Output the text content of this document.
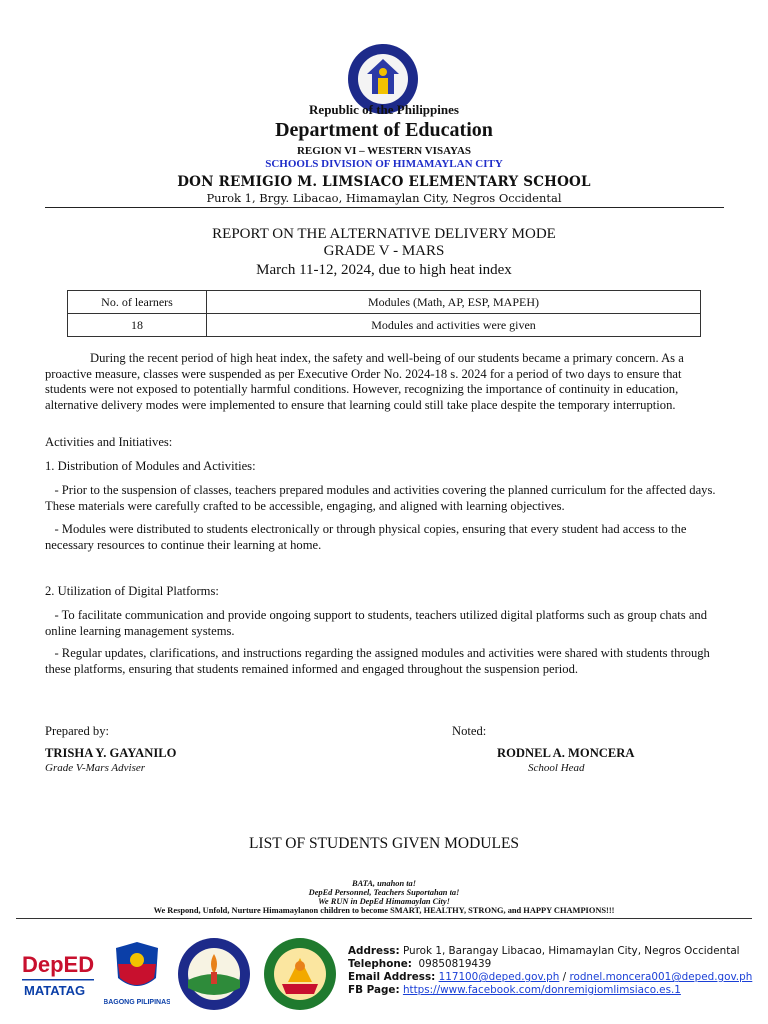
Republic of the Philippines
Department of Education
REGION VI – WESTERN VISAYAS
SCHOOLS DIVISION OF HIMAMAYLAN CITY
DON REMIGIO M. LIMSIACO ELEMENTARY SCHOOL
Purok 1, Brgy. Libacao, Himamaylan City, Negros Occidental
REPORT ON THE ALTERNATIVE DELIVERY MODE
GRADE V - MARS
March 11-12, 2024, due to high heat index
No. of learners	Modules (Math, AP, ESP, MAPEH)
18	Modules and activities were given
During the recent period of high heat index, the safety and well-being of our students became a primary concern. As a proactive measure, classes were suspended as per Executive Order No. 2024-18 s. 2024 for a period of two days to ensure that students were not exposed to potentially harmful conditions. However, recognizing the importance of continuity in education, alternative delivery modes were implemented to ensure that learning could still take place despite the temporary interruption.
Activities and Initiatives:
1. Distribution of Modules and Activities:
- Prior to the suspension of classes, teachers prepared modules and activities covering the planned curriculum for the affected days. These materials were carefully crafted to be accessible, engaging, and aligned with learning objectives.
- Modules were distributed to students electronically or through physical copies, ensuring that every student had access to the necessary resources to continue their learning at home.
2. Utilization of Digital Platforms:
- To facilitate communication and provide ongoing support to students, teachers utilized digital platforms such as group chats and online learning management systems.
- Regular updates, clarifications, and instructions regarding the assigned modules and activities were shared with students through these platforms, ensuring that students remained informed and engaged throughout the suspension period.
Prepared by:	Noted:
TRISHA Y. GAYANILO
Grade V-Mars Adviser
RODNEL A. MONCERA
School Head
LIST OF STUDENTS GIVEN MODULES
BATA, unahon ta!
DepEd Personnel, Teachers Suportahan ta!
We RUN in DepEd Himamaylan City!
We Respond, Unfold, Nurture Himamaylanon children to become SMART, HEALTHY, STRONG, and HAPPY CHAMPIONS!!!
DepED
MATATAG
BAGONG PILIPINAS
Address: Purok 1, Barangay Libacao, Himamaylan City, Negros Occidental
Telephone: 09850819439
Email Address: 117100@deped.gov.ph / rodnel.moncera001@deped.gov.ph
FB Page: https://www.facebook.com/donremigiomlimsiaco.es.1
